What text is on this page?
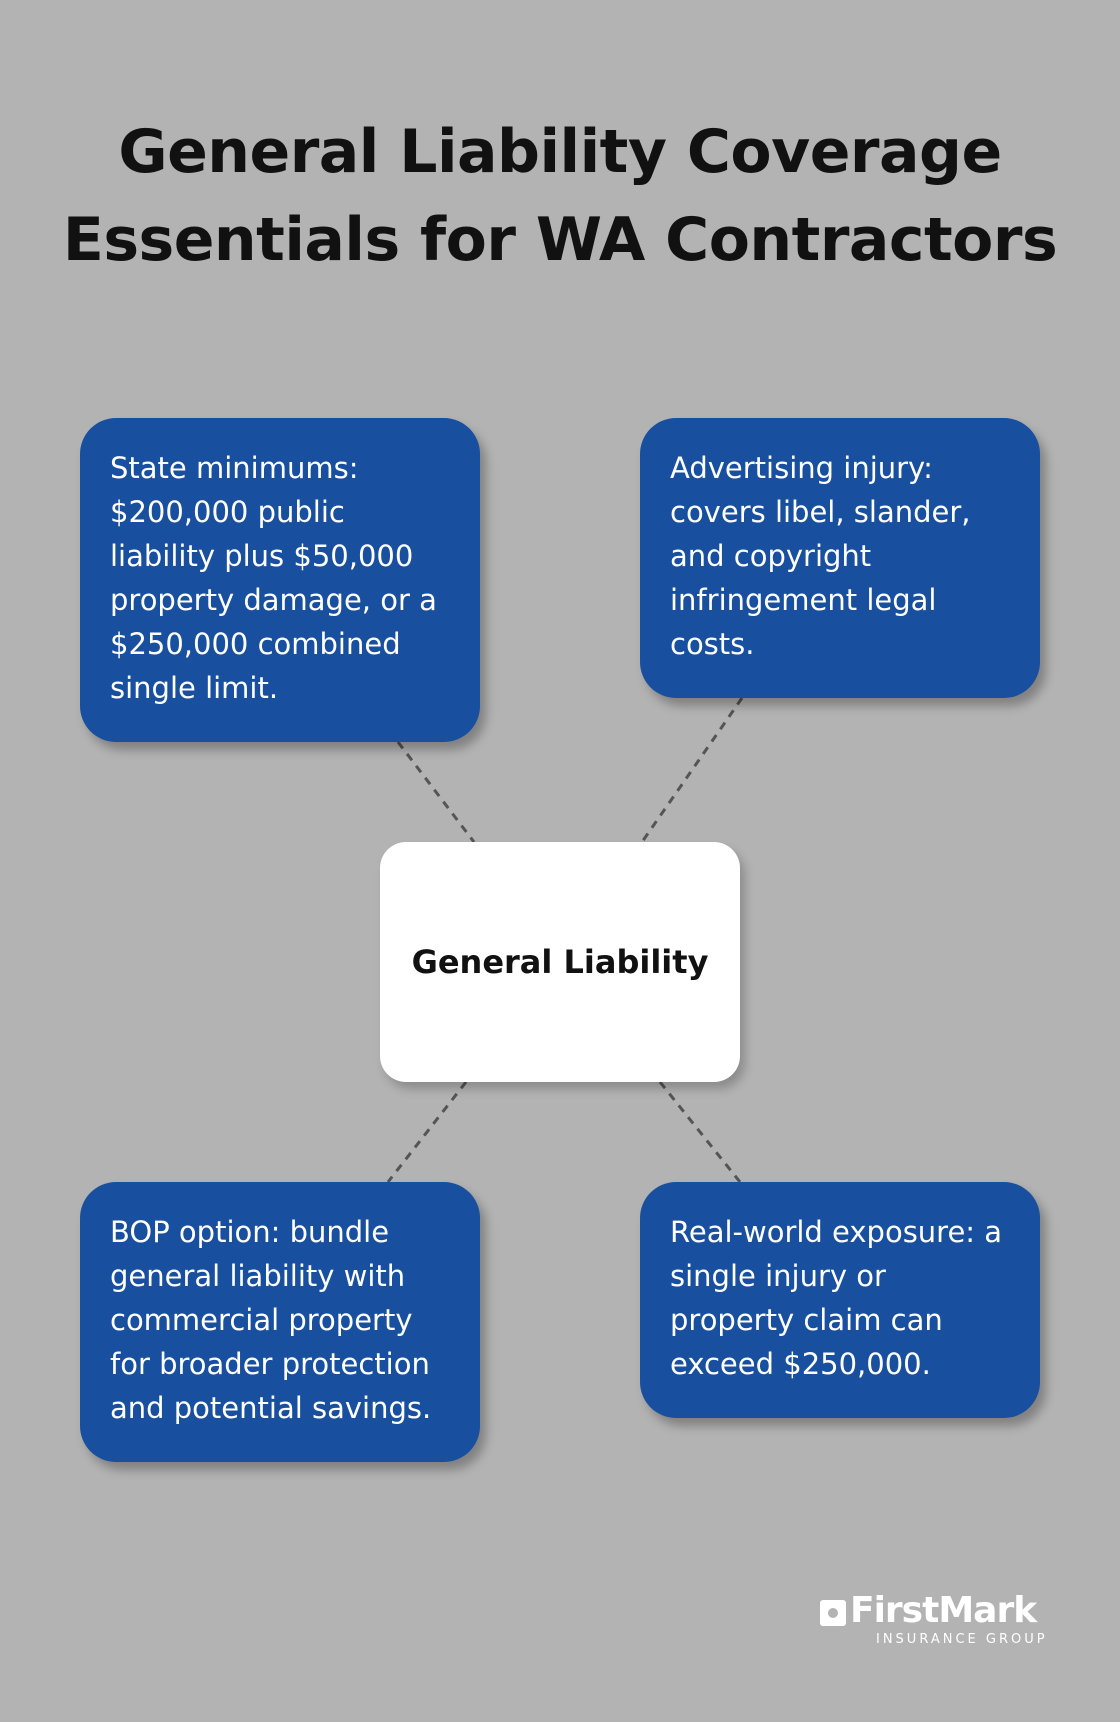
General Liability Coverage
Essentials for WA Contractors
State minimums: $200,000 public liability plus $50,000 property damage, or a $250,000 combined single limit.
Advertising injury: covers libel, slander, and copyright infringement legal costs.
BOP option: bundle general liability with commercial property for broader protection and potential savings.
Real-world exposure: a single injury or property claim can exceed $250,000.
General Liability
FirstMark
INSURANCE GROUP
